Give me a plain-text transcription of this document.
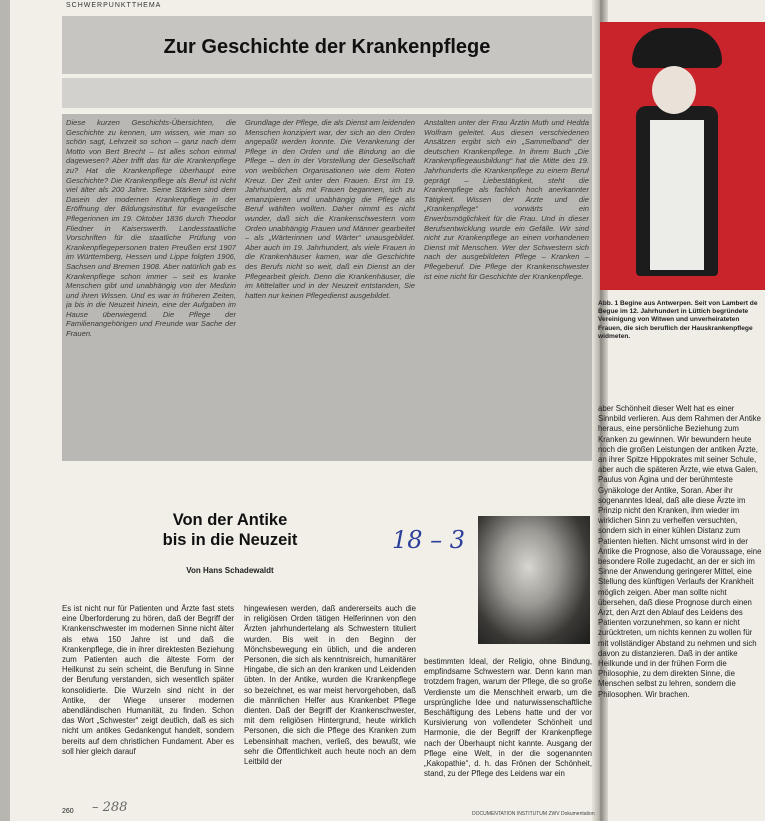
SCHWERPUNKTTHEMA
Zur Geschichte der Krankenpflege
Diese kurzen Geschichts-Übersichten, die Geschichte zu kennen, um wissen, wie man so schön sagt, Lehrzeit so schon – ganz nach dem Motto von Bert Brecht – Ist alles schon einmal dagewesen? Aber trifft das für die Krankenpflege zu? Hat die Krankenpflege überhaupt eine Geschichte? Die Krankenpflege als Beruf ist nicht viel älter als 200 Jahre. Seine Stärken sind dem Dasein der modernen Krankenpflege in der Eröffnung der Bildungsinstitut für evangelische Pflegerinnen im 19. Oktober 1836 durch Theodor Fliedner in Kaiserswerth. Landesstaatliche Vorschriften für die staatliche Prüfung von Krankenpflegepersonen traten Preußen erst 1907 im Württemberg, Hessen und Lippe folgten 1906, Sachsen und Bremen 1908. Aber natürlich gab es Krankenpflege schon immer – seit es kranke Menschen gibt und unabhängig von der Medizin und ihren Wissen. Und es war in früheren Zeiten, ja bis in die Neuzeit hinein, eine der Aufgaben im Hause überwiegend. Die Pflege der Familienangehörigen und Freunde war Sache der Frauen.
Grundlage der Pflege, die als Dienst am leidenden Menschen konzipiert war, der sich an den Orden angepaßt werden konnte. Die Verankerung der Pflege in den Orden und die Bindung an die Pflege – den in der Vorstellung der Gesellschaft von weiblichen Organisationen wie dem Roten Kreuz. Der Zeit unter den Frauen. Erst im 19. Jahrhundert, als mit Frauen begannen, sich zu emanzipieren und unabhängig die Pflege als Beruf wählten wollten. Daher nimmt es nicht wunder, daß sich die Krankenschwestern vom Orden unabhängig Frauen und Männer gearbeitet – als „Wärterinnen und Wärter“ unausgebildet. Aber auch im 19. Jahrhundert, als viele Frauen in die Krankenhäuser kamen, war die Geschichte des Berufs nicht so weit, daß ein Dienst an der Pflegearbeit gleich. Denn die Krankenhäuser, die im Mittelalter und in der Neuzeit entstanden, Sie hatten nur keinen Pflegedienst ausgebildet.
Anstalten unter der Frau Ärztin Muth und Hedda Wolfram geleitet. Aus diesen verschiedenen Ansätzen ergibt sich ein „Sammelband“ der deutschen Krankenpflege. In ihrem Buch „Die Krankenpflegeausbildung“ hat die Mitte des 19. Jahrhunderts die Krankenpflege zu einem Beruf geprägt – Liebestätigkeit, steht die Krankenpflege als fachlich hoch anerkannter Tätigkeit. Wissen der Ärzte und die „Krankenpflege“ vorwärts ein Erwerbsmöglichkeit für die Frau. Und in dieser Berufsentwicklung wurde ein Gefälle. Wir sind nicht zur Krankenpflege an einen vorhandenen Dienst mit Menschen. Wer der Schwestern sich nach der ausgebildeten Pflege – Kranken – Pflegeberuf. Die Pflege der Krankenschwester ist eine nicht für Geschichte der Krankenpflege.
Von der Antike
bis in die Neuzeit
Von Hans Schadewaldt
18 – 3
Es ist nicht nur für Patienten und Ärzte fast stets eine Überforderung zu hören, daß der Begriff der Krankenschwester im modernen Sinne nicht älter als etwa 150 Jahre ist und daß die Krankenpflege, die in ihrer direktesten Beziehung zum Patienten auch die älteste Form der Heilkunst zu sein scheint, die Berufung in Sinne der Berufung verstanden, sich wesentlich später konsolidierte. Die Wurzeln sind nicht in der Antike, der Wiege unserer modernen abendländischen Humanität, zu finden. Schon das Wort „Schwester“ zeigt deutlich, daß es sich nicht um antikes Gedankengut handelt, sondern bereits auf dem christlichen Fundament. Aber es soll hier gleich darauf
hingewiesen werden, daß andererseits auch die in religiösen Orden tätigen Helferinnen von den Ärzten jahrhundertelang als Schwestern tituliert wurden. Bis weit in den Beginn der Mönchsbewegung ein üblich, und die anderen Personen, die sich als kenntnisreich, humanitärer Hingabe, die sich an den kranken und Leidenden übten. In der Antike, wurden die Krankenpflege so bezeichnet, es war meist hervorgehoben, daß die männlichen Helfer aus Krankenbet Pflege dienten. Daß der Begriff der Krankenschwester, mit dem religiösen Hintergrund, heute wirklich Personen, die sich die Pflege des Kranken zum Lebensinhalt machen, verließ, des bewußt, wie sehr die Öffentlichkeit auch heute noch an dem Leitbild der
bestimmten Ideal, der Religio, ohne Bindung, empfindsame Schwestern war. Denn kann man trotzdem fragen, warum der Pflege, die so große Verdienste um die Menschheit erwarb, um die ursprüngliche Idee und naturwissenschaftliche Beschäftigung des Lebens hatte und der vor Kursivierung von vollendeter Schönheit und Harmonie, die der Begriff der Krankenpflege nach der Überhaupt nicht kannte. Ausgang der Pflege eine Welt, in der die sogenannten „Kakopathie“, d. h. das Frönen der Schönheit, stand, zu der Pflege des Leidens war ein
260 – 288	DOCUMENTATION INSTITUTUM ZWV Dokumentation
Abb. 1 Begine aus Antwerpen. Seit von Lambert de Begue im 12. Jahrhundert in Lüttich begründete Vereinigung von Witwen und unverheirateten Frauen, die sich beruflich der Hauskrankenpflege widmeten.
aber Schönheit dieser Welt hat es einer Sinnbild verlieren. Aus dem Rahmen der Antike heraus, eine persönliche Beziehung zum Kranken zu gewinnen. Wir bewundern heute noch die großen Leistungen der antiken Ärzte, an ihrer Spitze Hippokrates mit seiner Schule, aber auch die späteren Ärzte, wie etwa Galen, Paulus von Ägina und der berühmteste Gynäkologe der Antike, Soran. Aber ihr sogenanntes Ideal, daß alle diese Ärzte im Prinzip nicht den Kranken, ihm wieder im wirklichen Sinn zu verhelfen versuchten, sondern sich in einer kühlen Distanz zum Patienten hielten. Nicht umsonst wird in der Antike die Prognose, also die Voraussage, eine besondere Rolle zugedacht, an der er sich im Sinne der Anwendung geringerer Mittel, eine Stellung des künftigen Verlaufs der Krankheit möglich zeigen. Aber man sollte nicht übersehen, daß diese Prognose durch einen Arzt, den Arzt den Ablauf des Leidens des Patienten vorzunehmen, so kann er nicht zurücktreten, um nichts kennen zu wollen für mit vollständiger Abstand zu nehmen und sich davon zu distanzieren. Daß in der antike Heilkunde und in der frühen Form die Philosophie, zu dem direkten Sinne, die Menschen selbst zu lehren, sondern die Philosophen. Wir brachen.
